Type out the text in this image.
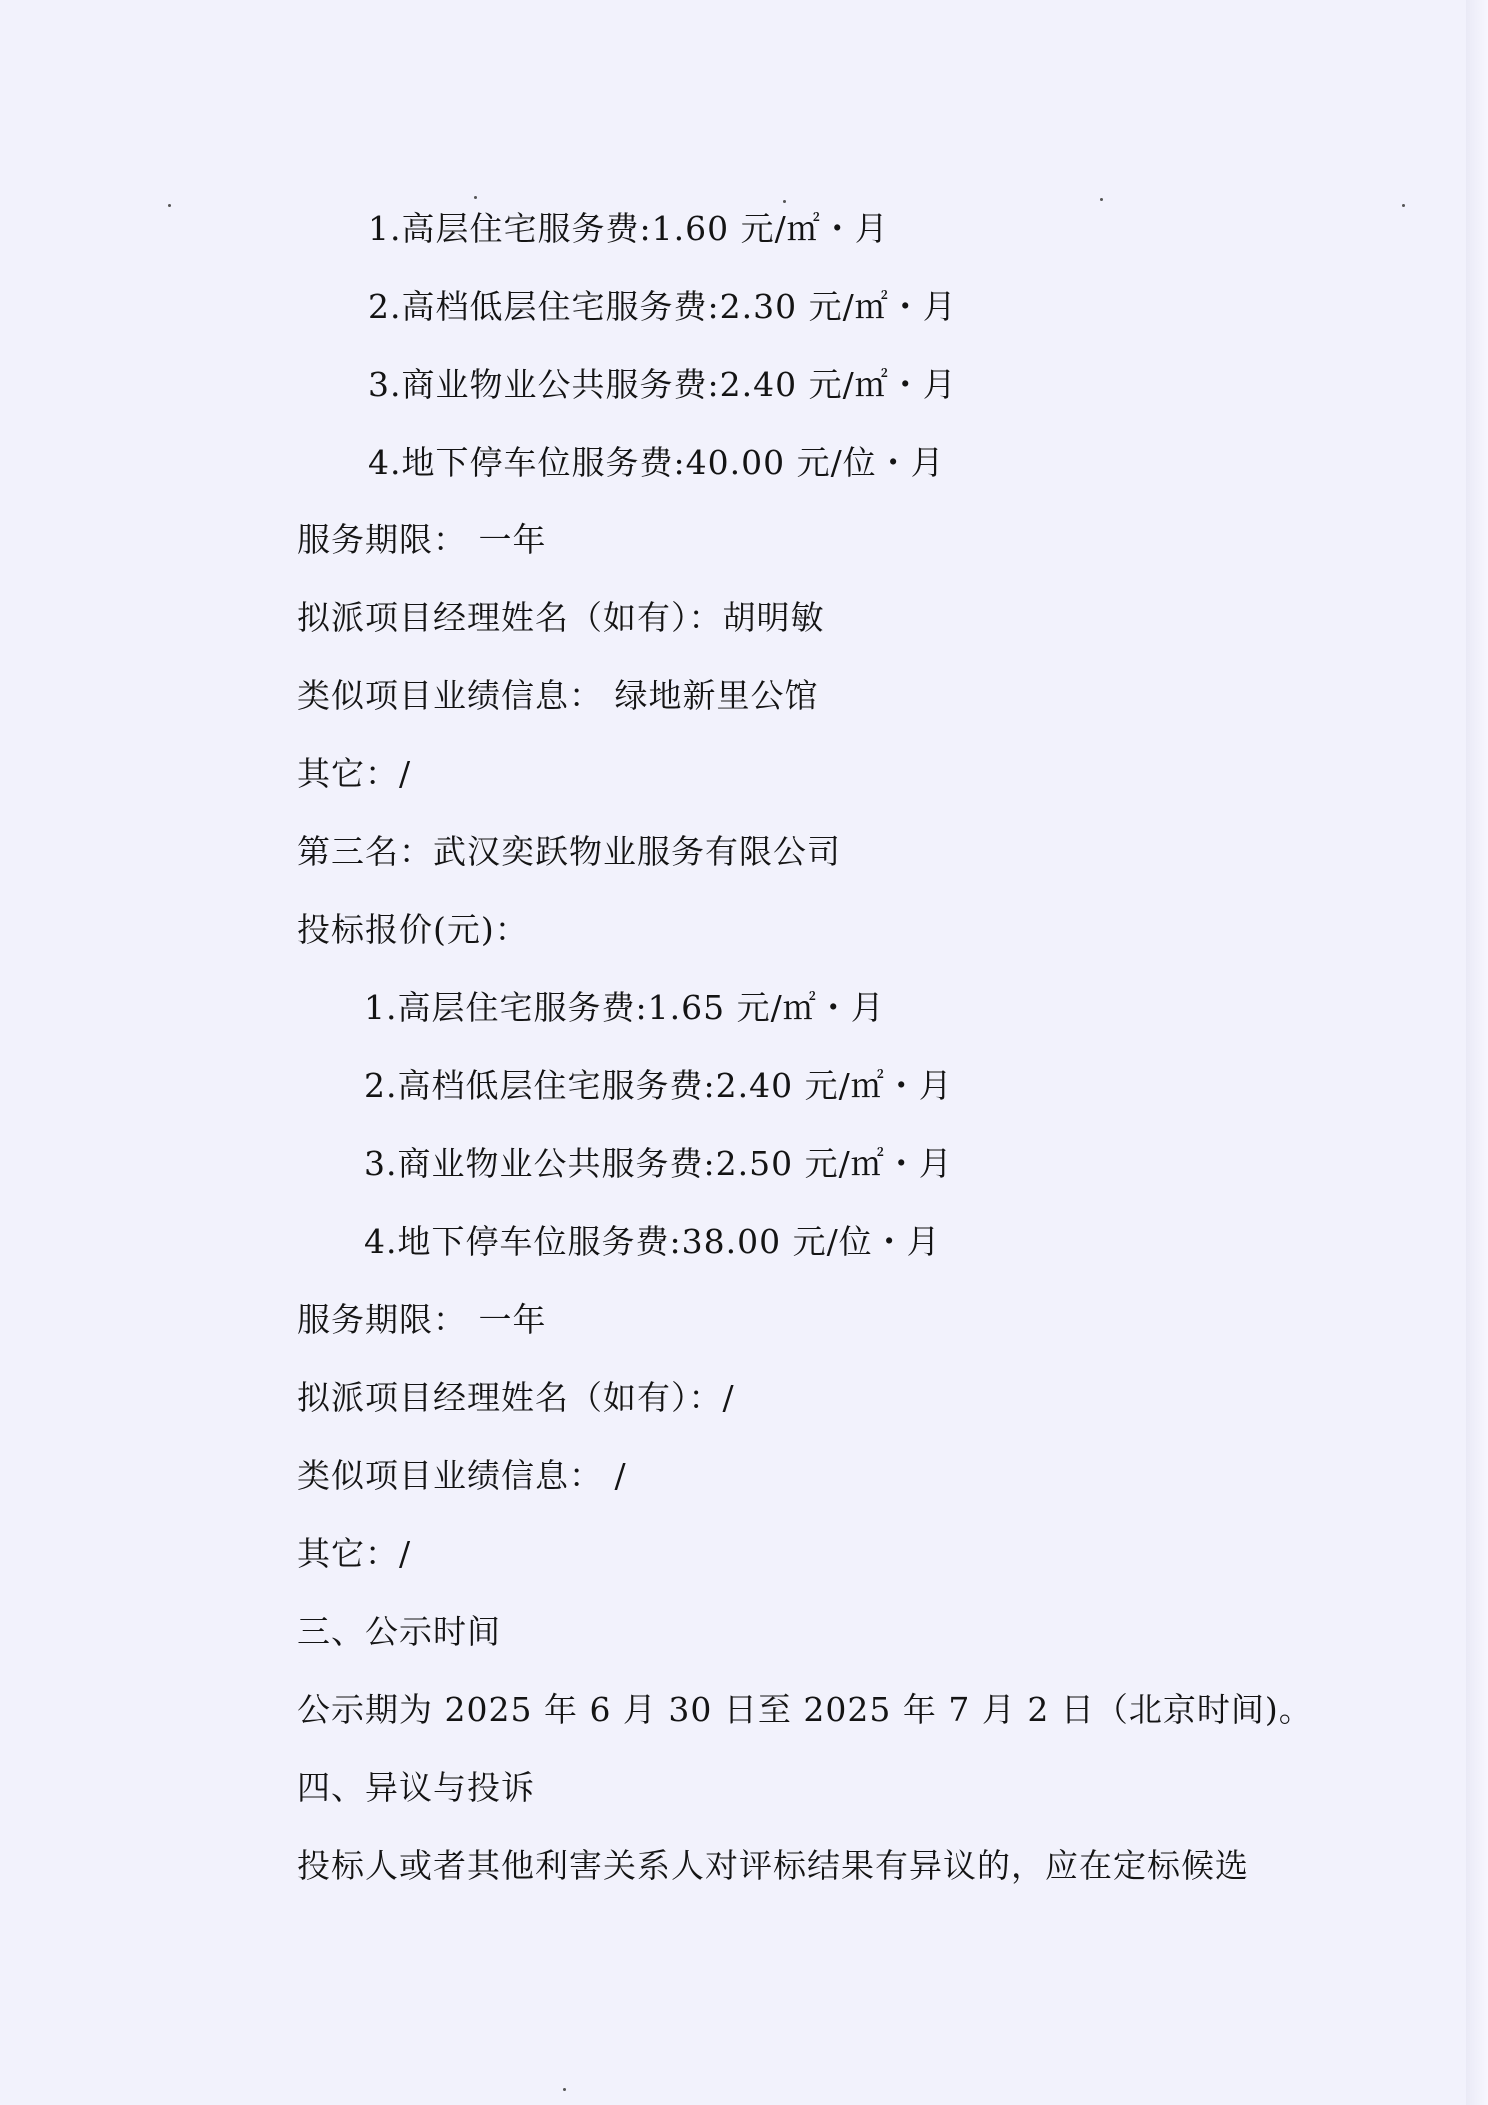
1.高层住宅服务费:1.60 元/㎡・月
2.高档低层住宅服务费:2.30 元/㎡・月
3.商业物业公共服务费:2.40 元/㎡・月
4.地下停车位服务费:40.00 元/位・月
服务期限： 一年
拟派项目经理姓名（如有）：胡明敏
类似项目业绩信息： 绿地新里公馆
其它：/
第三名：武汉奕跃物业服务有限公司
投标报价(元)：
1.高层住宅服务费:1.65 元/㎡・月
2.高档低层住宅服务费:2.40 元/㎡・月
3.商业物业公共服务费:2.50 元/㎡・月
4.地下停车位服务费:38.00 元/位・月
服务期限： 一年
拟派项目经理姓名（如有）：/
类似项目业绩信息： /
其它：/
三、公示时间
公示期为 2025 年 6 月 30 日至 2025 年 7 月 2 日（北京时间)。
四、异议与投诉
投标人或者其他利害关系人对评标结果有异议的，应在定标候选
